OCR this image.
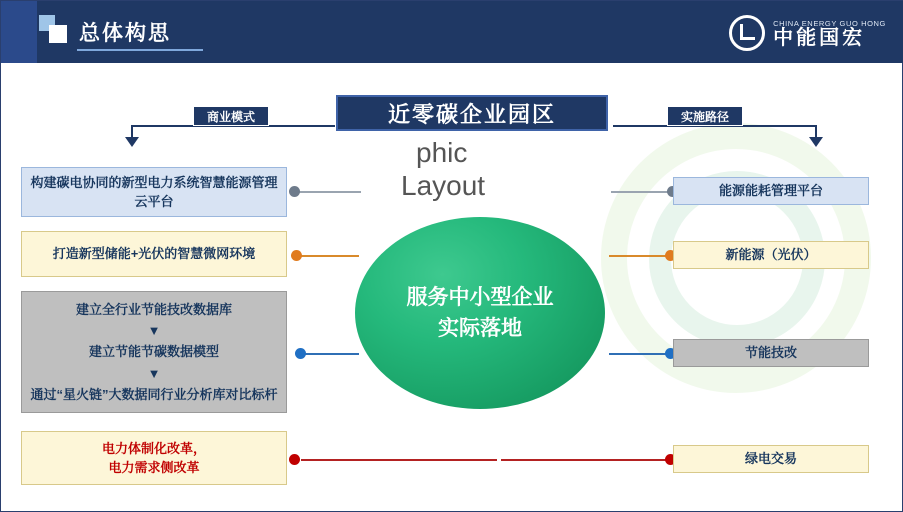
总体构思	CHINA ENERGY GUO HONG
中能国宏
商业模式	实施路径
近零碳企业园区
phic
Layout
服务中小型企业
实际落地
构建碳电协同的新型电力系统智慧能源管理云平台
打造新型储能+光伏的智慧微网环境
建立全行业节能技改数据库
▼
建立节能节碳数据模型
▼
通过“星火链”大数据同行业分析库对比标杆
电力体制化改革，
电力需求侧改革
能源能耗管理平台
新能源（光伏）
节能技改
绿电交易
